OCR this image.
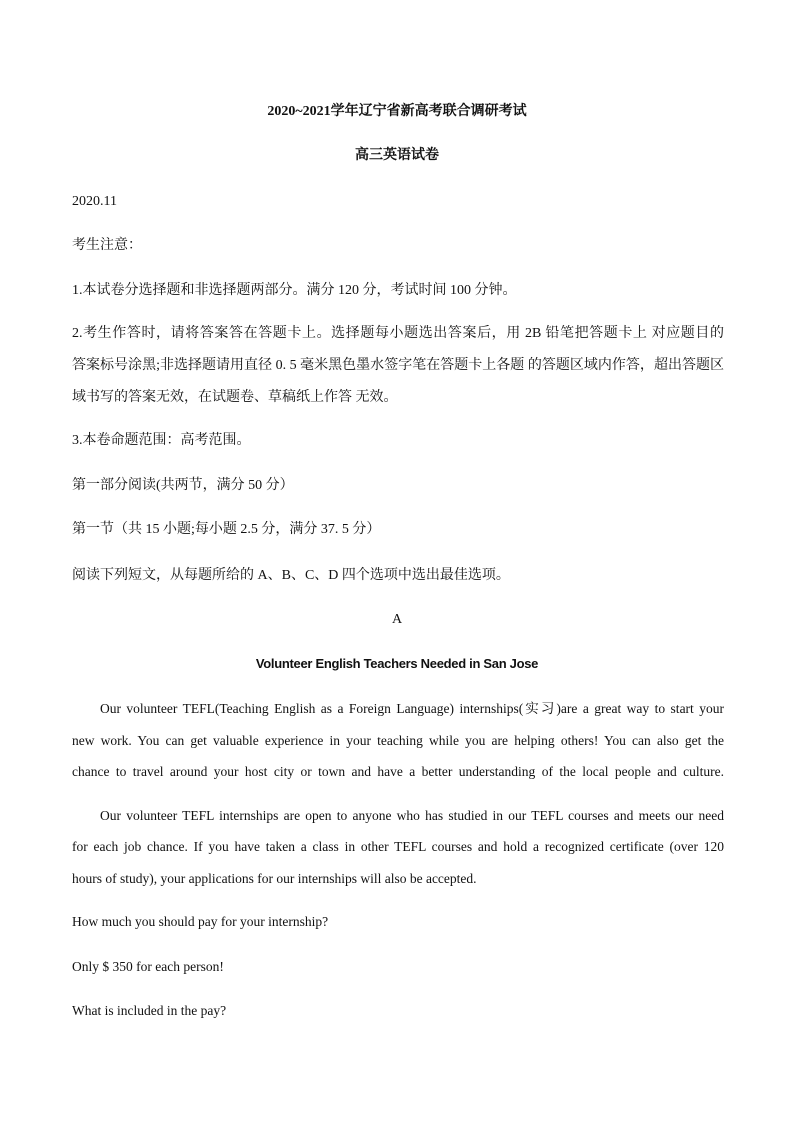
2020~2021学年辽宁省新高考联合调研考试
高三英语试卷
2020.11
考生注意：
1.本试卷分选择题和非选择题两部分。满分 120 分，考试时间 100 分钟。
2.考生作答时，请将答案答在答题卡上。选择题每小题选出答案后，用 2B 铅笔把答题卡上 对应题目的
答案标号涂黑;非选择题请用直径 0. 5 毫米黑色墨水签字笔在答题卡上各题 的答题区域内作答，超出答题区
域书写的答案无效，在试题卷、草稿纸上作答 无效。
3.本卷命题范围：高考范围。
第一部分阅读(共两节，满分 50 分）
第一节（共 15 小题;每小题 2.5 分，满分 37. 5 分）
阅读下列短文，从每题所给的 A、B、C、D 四个选项中选出最佳选项。
A
Volunteer English Teachers Needed in San Jose
Our volunteer TEFL(Teaching English as a Foreign Language) internships(实习)are a great way to start your
new work. You can get valuable experience in your teaching while you are helping others! You can also get the
chance to travel around your host city or town and have a better understanding of the local people and culture.
Our volunteer TEFL internships are open to anyone who has studied in our TEFL courses and meets our need
for each job chance. If you have taken a class in other TEFL courses and hold a recognized certificate (over 120
hours of study), your applications for our internships will also be accepted.
How much you should pay for your internship?
Only $ 350 for each person!
What is included in the pay?
